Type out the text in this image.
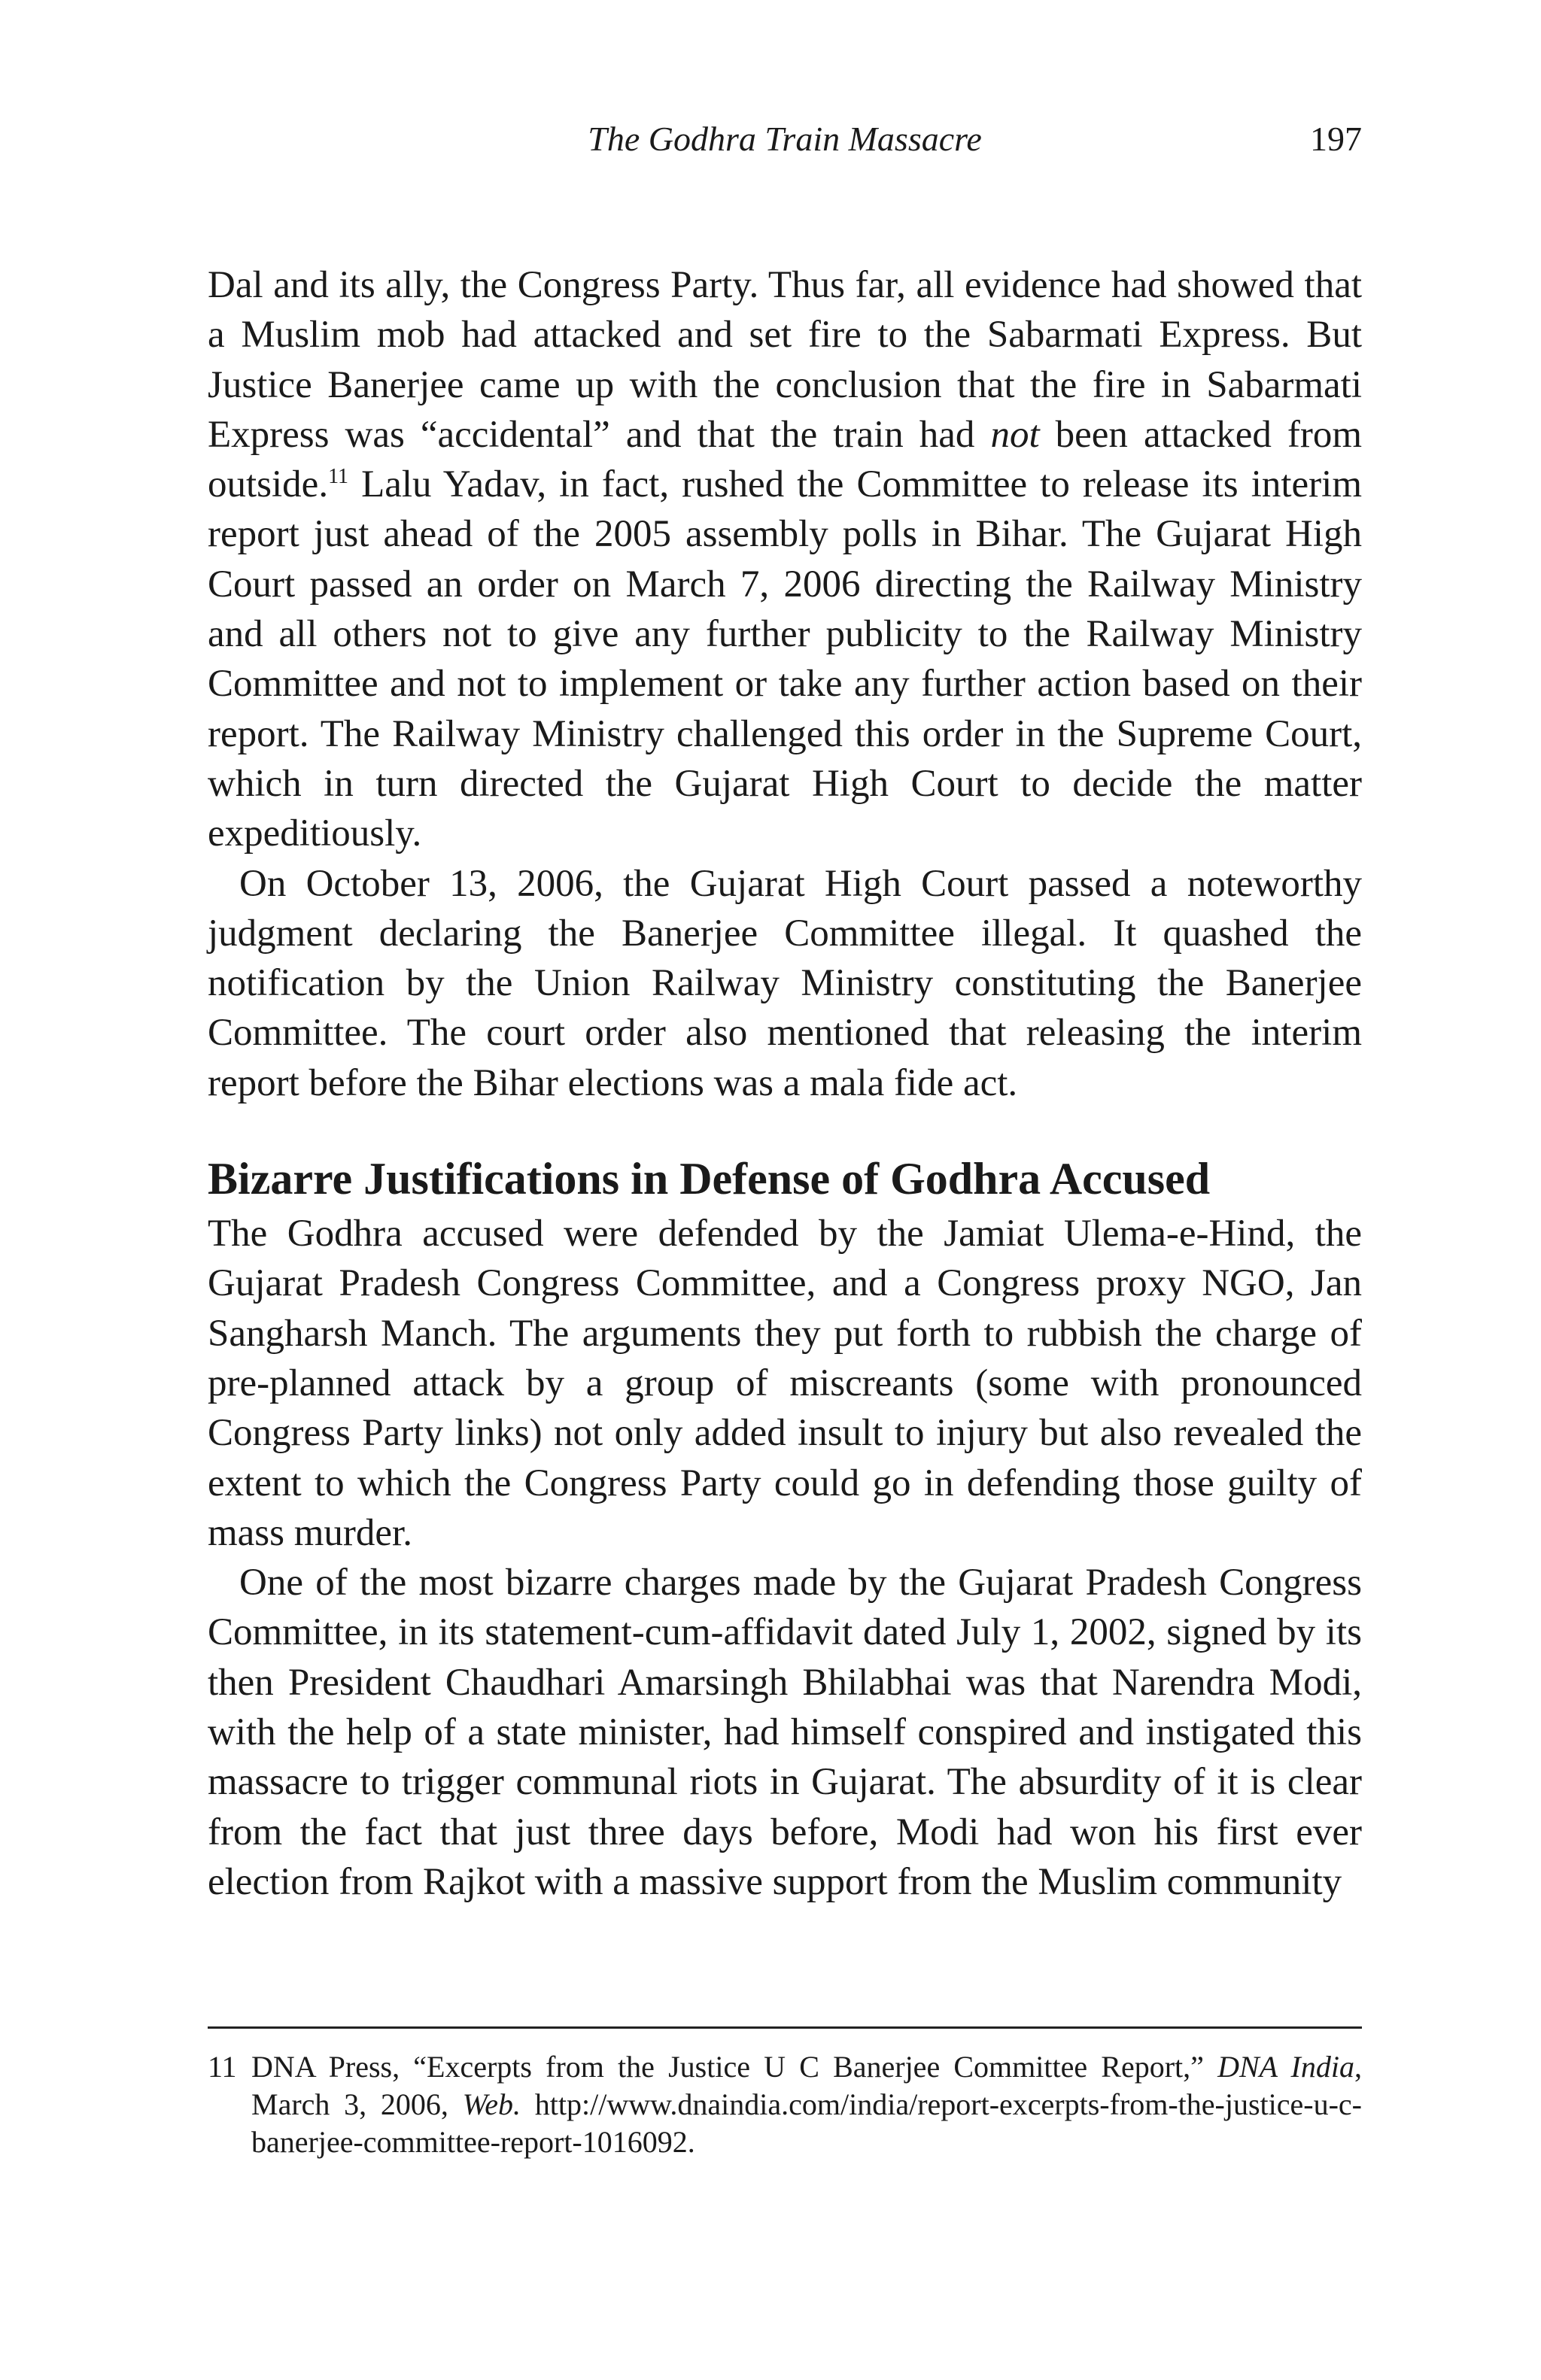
The Godhra Train Massacre	197

Dal and its ally, the Congress Party. Thus far, all evidence had showed that a Muslim mob had attacked and set fire to the Sabarmati Express. But Justice Banerjee came up with the conclusion that the fire in Sabarmati Express was “accidental” and that the train had not been attacked from outside.$^{11}$ Lalu Yadav, in fact, rushed the Committee to release its interim report just ahead of the 2005 assembly polls in Bihar. The Gujarat High Court passed an order on March 7, 2006 directing the Railway Ministry and all others not to give any further publicity to the Railway Ministry Committee and not to implement or take any further action based on their report. The Railway Ministry challenged this order in the Supreme Court, which in turn directed the Gujarat High Court to decide the matter expeditiously.

On October 13, 2006, the Gujarat High Court passed a noteworthy judgment declaring the Banerjee Committee illegal. It quashed the notification by the Union Railway Ministry constituting the Banerjee Committee. The court order also mentioned that releasing the interim report before the Bihar elections was a mala fide act.

Bizarre Justifications in Defense of Godhra Accused

The Godhra accused were defended by the Jamiat Ulema-e-Hind, the Gujarat Pradesh Congress Committee, and a Congress proxy NGO, Jan Sangharsh Manch. The arguments they put forth to rubbish the charge of pre-planned attack by a group of miscreants (some with pronounced Congress Party links) not only added insult to injury but also revealed the extent to which the Congress Party could go in defending those guilty of mass murder.

One of the most bizarre charges made by the Gujarat Pradesh Congress Committee, in its statement-cum-affidavit dated July 1, 2002, signed by its then President Chaudhari Amarsingh Bhilabhai was that Narendra Modi, with the help of a state minister, had himself conspired and instigated this massacre to trigger communal riots in Gujarat. The absurdity of it is clear from the fact that just three days before, Modi had won his first ever election from Rajkot with a massive support from the Muslim community

11 DNA Press, “Excerpts from the Justice U C Banerjee Committee Report,” DNA India, March 3, 2006, Web. http://www.dnaindia.com/india/report-excerpts-from-the-justice-u-c-banerjee-committee-report-1016092.
